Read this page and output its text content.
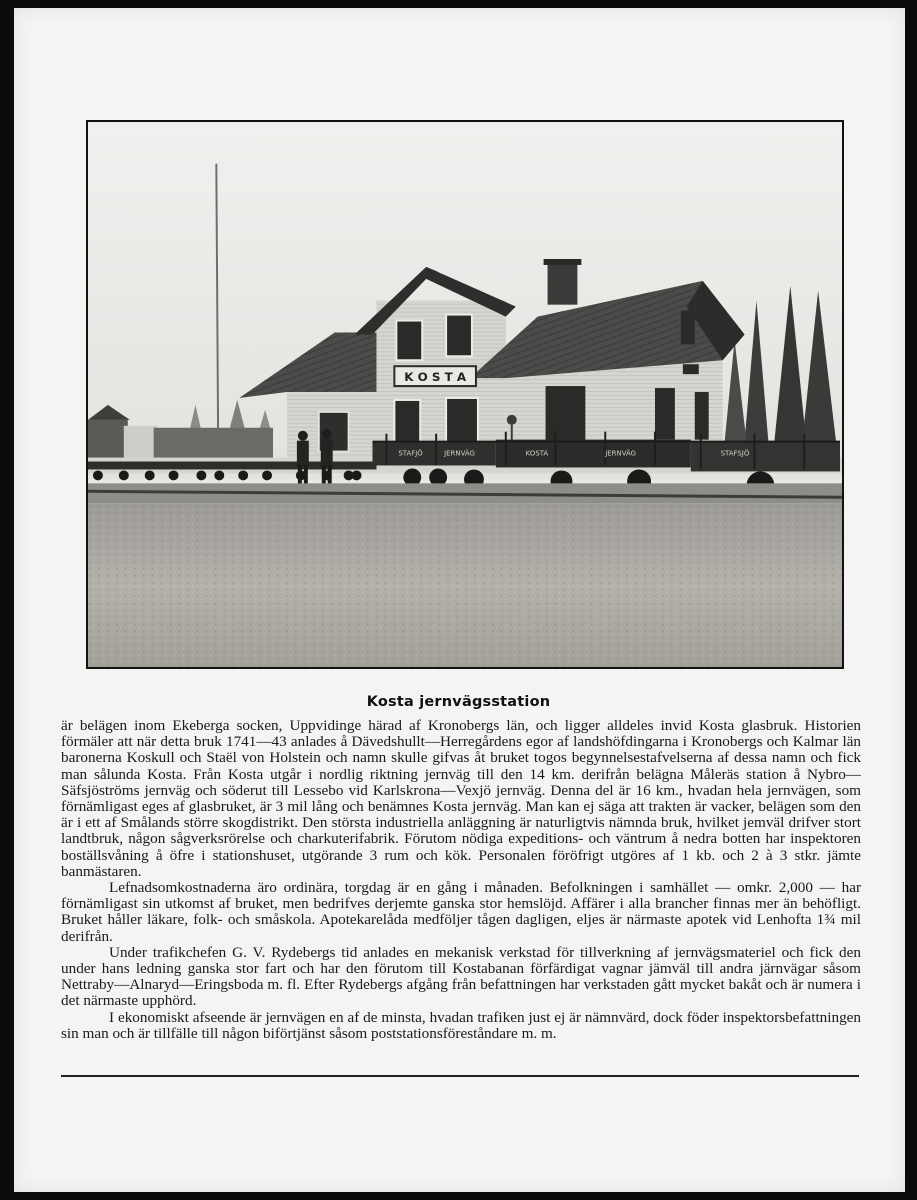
K O S T A
STAFJÖ	JERNVÄG	KOSTA	JERNVÄG	STAFSJÖ
Kosta jernvägsstation

är belägen inom Ekeberga socken, Uppvidinge härad af Kronobergs län, och ligger alldeles invid Kosta glasbruk. Historien förmäler att när detta bruk 1741—43 anlades å Dävedshullt—Herregårdens egor af landshöfdingarna i Kronobergs och Kalmar län baronerna Koskull och Staël von Holstein och namn skulle gifvas åt bruket togos begynnelsestafvelserna af dessa namn och fick man sålunda Kosta. Från Kosta utgår i nordlig riktning jernväg till den 14 km. derifrån belägna Måleräs station å Nybro—Säfsjöströms jernväg och söderut till Lessebo vid Karlskrona—Vexjö jernväg. Denna del är 16 km., hvadan hela jernvägen, som förnämligast eges af glasbruket, är 3 mil lång och benämnes Kosta jernväg. Man kan ej säga att trakten är vacker, belägen som den är i ett af Smålands större skogdistrikt. Den största industriella anläggning är naturligtvis nämnda bruk, hvilket jemväl drifver stort landtbruk, någon sågverksrörelse och charkuterifabrik. Förutom nödiga expeditions- och väntrum å nedra botten har inspektoren boställsvåning å öfre i stationshuset, utgörande 3 rum och kök. Personalen föröfrigt utgöres af 1 kb. och 2 à 3 stkr. jämte banmästaren.

Lefnadsomkostnaderna äro ordinära, torgdag är en gång i månaden. Befolkningen i samhället — omkr. 2,000 — har förnämligast sin utkomst af bruket, men bedrifves derjemte ganska stor hemslöjd. Affärer i alla brancher finnas mer än behöfligt. Bruket håller läkare, folk- och småskola. Apotekarelåda medföljer tågen dagligen, eljes är närmaste apotek vid Lenhofta 1¾ mil derifrån.

Under trafikchefen G. V. Rydebergs tid anlades en mekanisk verkstad för tillverkning af jernvägsmateriel och fick den under hans ledning ganska stor fart och har den förutom till Kostabanan förfärdigat vagnar jämväl till andra järnvägar såsom Nettraby—Alnaryd—Eringsboda m. fl. Efter Rydebergs afgång från befattningen har verkstaden gått mycket bakåt och är numera i det närmaste upphörd.

I ekonomiskt afseende är jernvägen en af de minsta, hvadan trafiken just ej är nämnvärd, dock föder inspektorsbefattningen sin man och är tillfälle till någon biförtjänst såsom poststationsföreståndare m. m.
